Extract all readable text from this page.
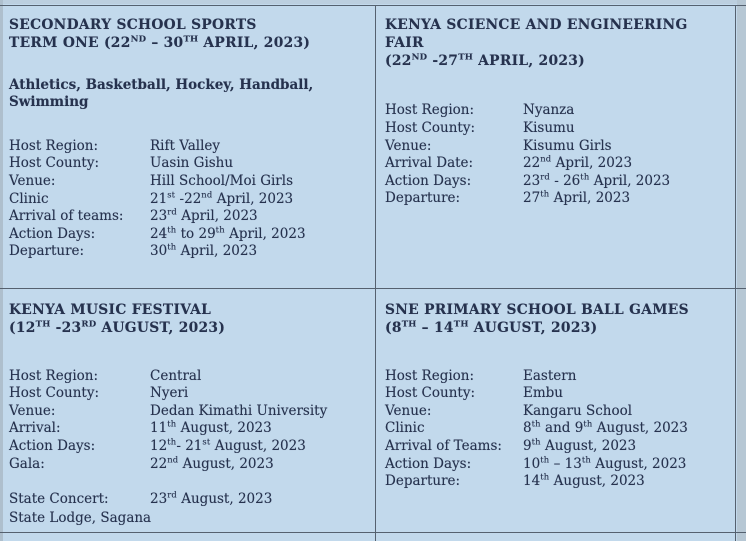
SECONDARY SCHOOL SPORTS
TERM ONE (22ND – 30TH APRIL, 2023)
Athletics, Basketball, Hockey, Handball,
Swimming
Host Region:	Rift Valley
Host County:	Uasin Gishu
Venue:	Hill School/Moi Girls
Clinic	21st -22nd April, 2023
Arrival of teams:	23rd April, 2023
Action Days:	24th to 29th April, 2023
Departure:	30th April, 2023
KENYA SCIENCE AND ENGINEERING FAIR
(22ND -27TH APRIL, 2023)
Host Region:	Nyanza
Host County:	Kisumu
Venue:	Kisumu Girls
Arrival Date:	22nd April, 2023
Action Days:	23rd - 26th April, 2023
Departure:	27th April, 2023
KENYA MUSIC FESTIVAL
(12TH -23RD AUGUST, 2023)
Host Region:	Central
Host County:	Nyeri
Venue:	Dedan Kimathi University
Arrival:	11th August, 2023
Action Days:	12th- 21st August, 2023
Gala:	22nd August, 2023
State Concert:	23rd August, 2023
State Lodge, Sagana
SNE PRIMARY SCHOOL BALL GAMES
(8TH – 14TH AUGUST, 2023)
Host Region:	Eastern
Host County:	Embu
Venue:	Kangaru School
Clinic	8th and 9th August, 2023
Arrival of Teams:	9th August, 2023
Action Days:	10th – 13th August, 2023
Departure:	14th August, 2023
